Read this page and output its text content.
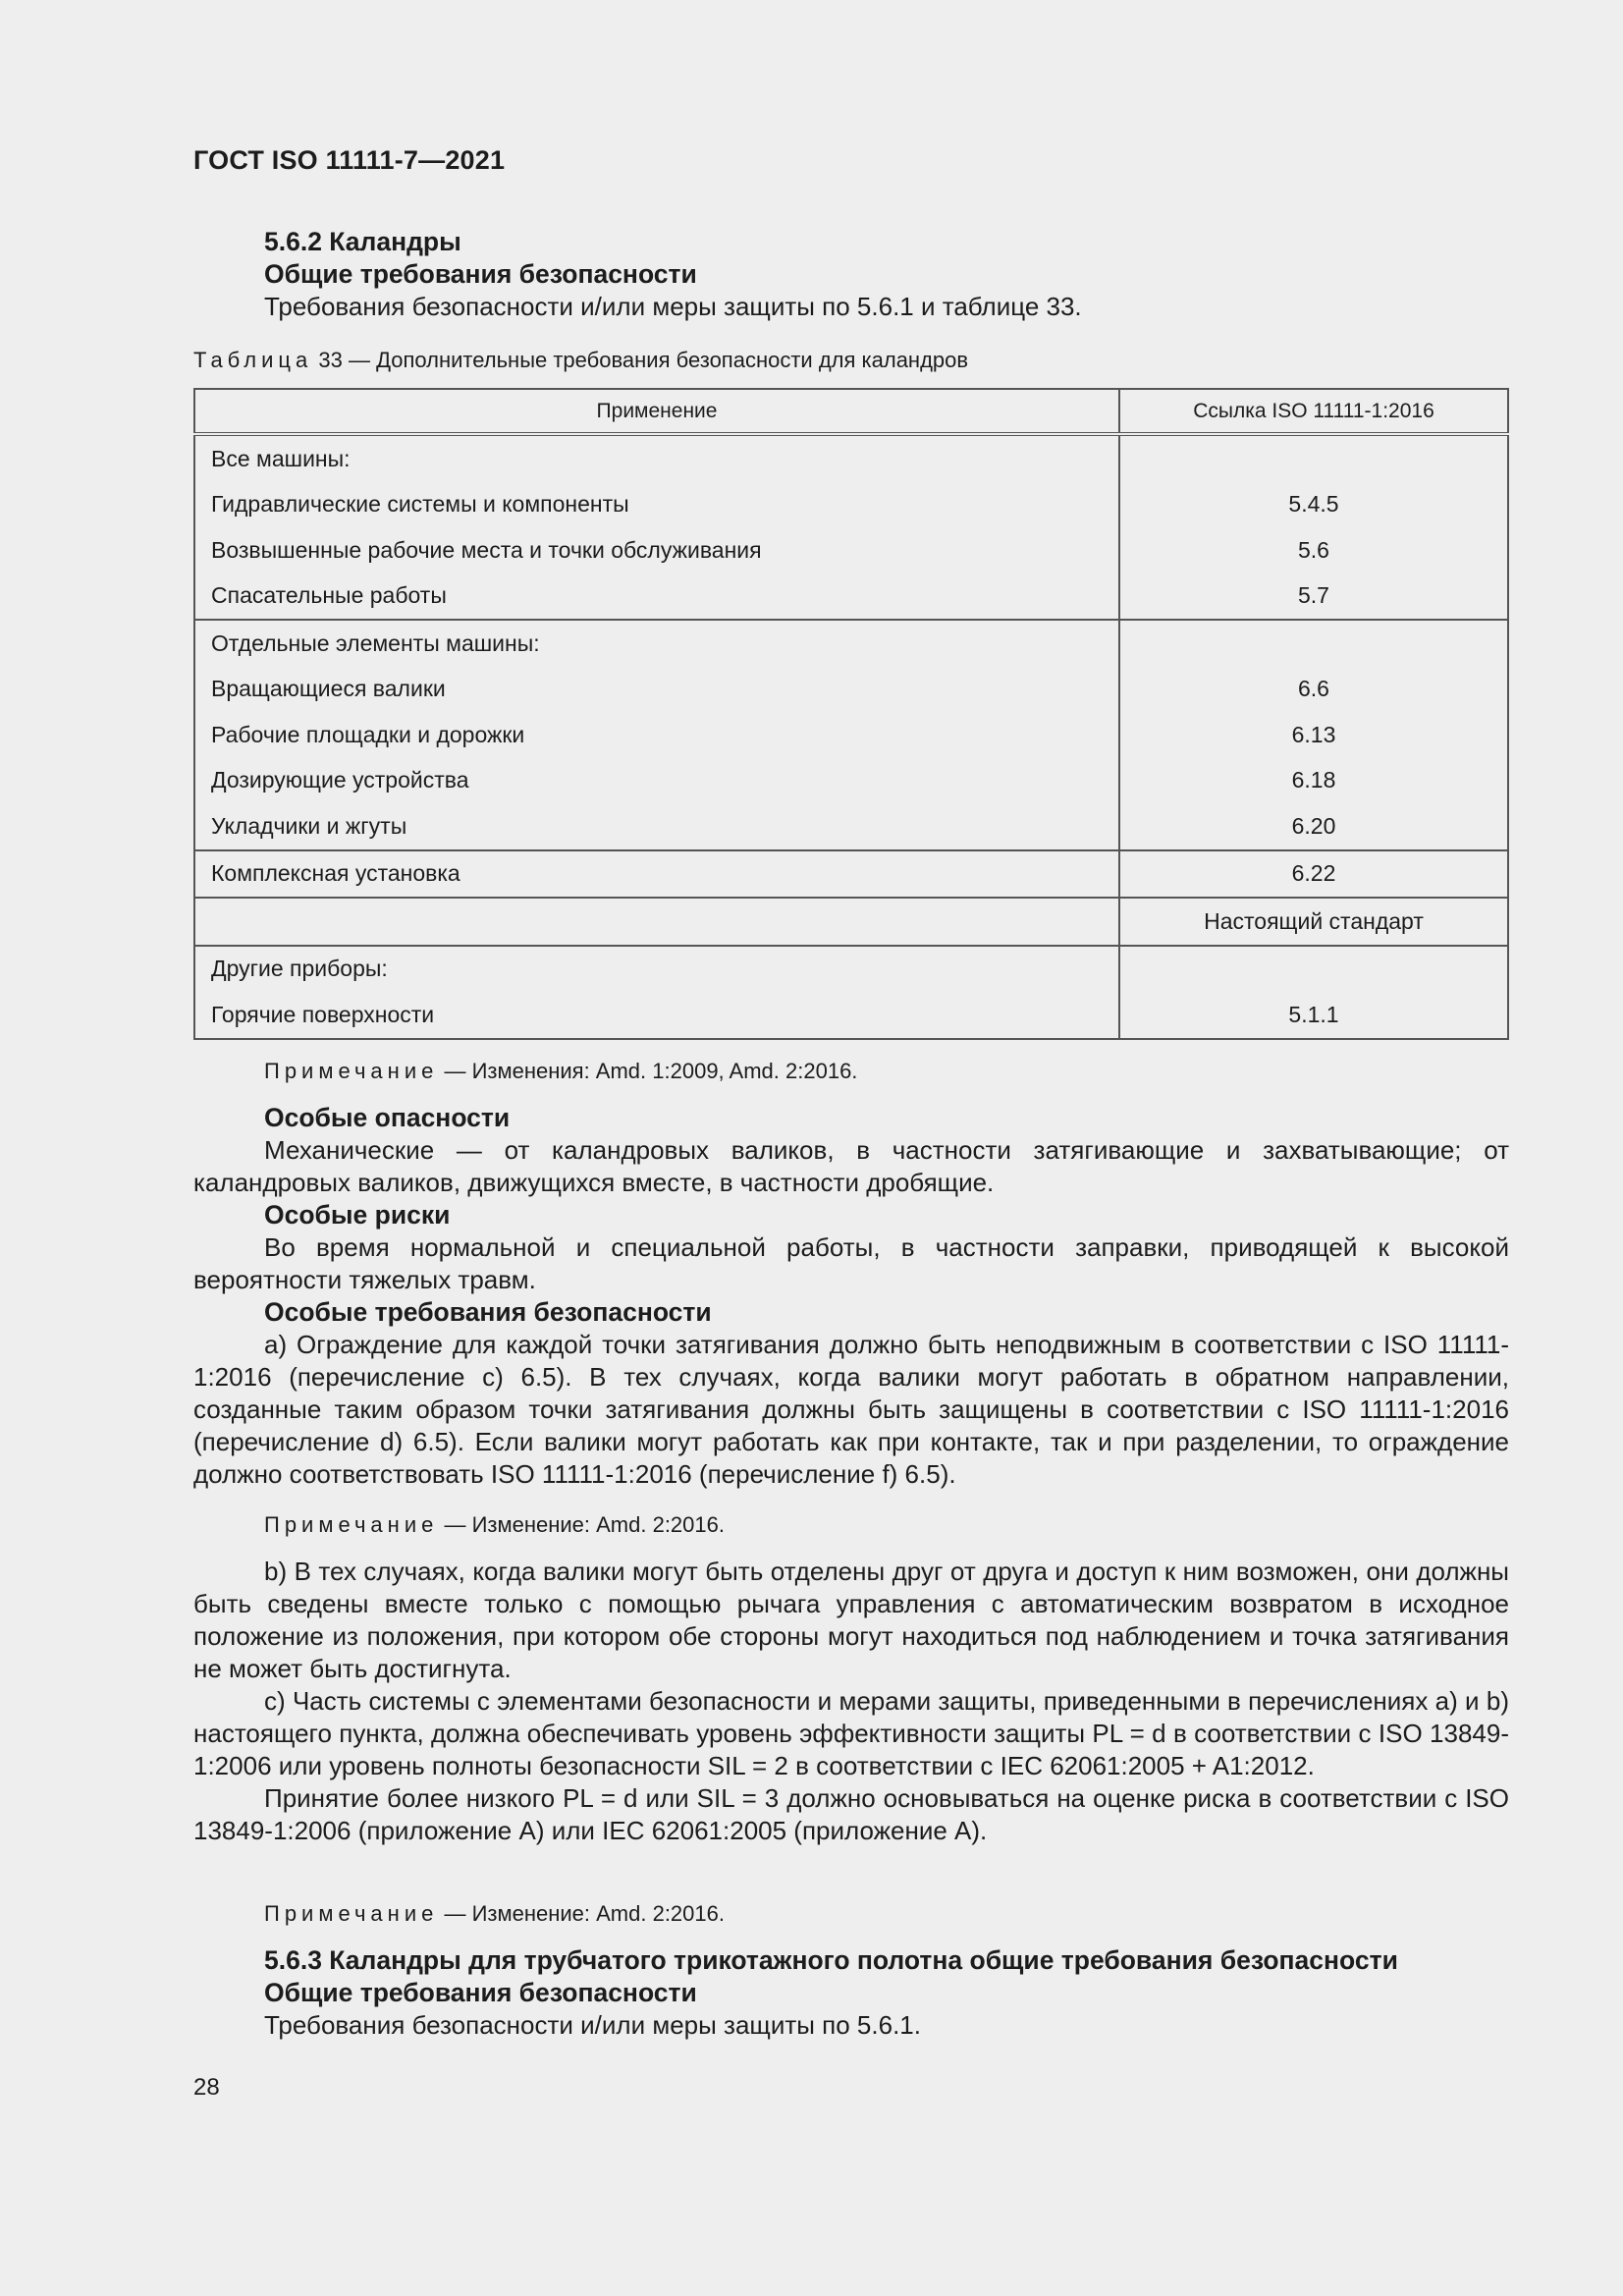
ГОСТ ISO 11111-7—2021
5.6.2 Каландры
Общие требования безопасности
Требования безопасности и/или меры защиты по 5.6.1 и таблице 33.
Таблица 33 — Дополнительные требования безопасности для каландров
Применение	Ссылка ISO 11111-1:2016
Все машины:	
Гидравлические системы и компоненты	5.4.5
Возвышенные рабочие места и точки обслуживания	5.6
Спасательные работы	5.7
Отдельные элементы машины:	
Вращающиеся валики	6.6
Рабочие площадки и дорожки	6.13
Дозирующие устройства	6.18
Укладчики и жгуты	6.20
Комплексная установка	6.22
	Настоящий стандарт
Другие приборы:	
Горячие поверхности	5.1.1
Примечание — Изменения: Amd. 1:2009, Amd. 2:2016.
Особые опасности
Механические — от каландровых валиков, в частности затягивающие и захватывающие; от каландровых валиков, движущихся вместе, в частности дробящие.
Особые риски
Во время нормальной и специальной работы, в частности заправки, приводящей к высокой вероятности тяжелых травм.
Особые требования безопасности
a) Ограждение для каждой точки затягивания должно быть неподвижным в соответствии с ISO 11111-1:2016 (перечисление c) 6.5). В тех случаях, когда валики могут работать в обратном направлении, созданные таким образом точки затягивания должны быть защищены в соответствии с ISO 11111-1:2016 (перечисление d) 6.5). Если валики могут работать как при контакте, так и при разделении, то ограждение должно соответствовать ISO 11111-1:2016 (перечисление f) 6.5).
Примечание — Изменение: Amd. 2:2016.
b) В тех случаях, когда валики могут быть отделены друг от друга и доступ к ним возможен, они должны быть сведены вместе только с помощью рычага управления с автоматическим возвратом в исходное положение из положения, при котором обе стороны могут находиться под наблюдением и точка затягивания не может быть достигнута.
c) Часть системы с элементами безопасности и мерами защиты, приведенными в перечислениях a) и b) настоящего пункта, должна обеспечивать уровень эффективности защиты PL = d в соответствии с ISO 13849-1:2006 или уровень полноты безопасности SIL = 2 в соответствии с IEC 62061:2005 + A1:2012.
Принятие более низкого PL = d или SIL = 3 должно основываться на оценке риска в соответствии с ISO 13849-1:2006 (приложение A) или IEC 62061:2005 (приложение A).
Примечание — Изменение: Amd. 2:2016.
5.6.3 Каландры для трубчатого трикотажного полотна общие требования безопасности
Общие требования безопасности
Требования безопасности и/или меры защиты по 5.6.1.
28
